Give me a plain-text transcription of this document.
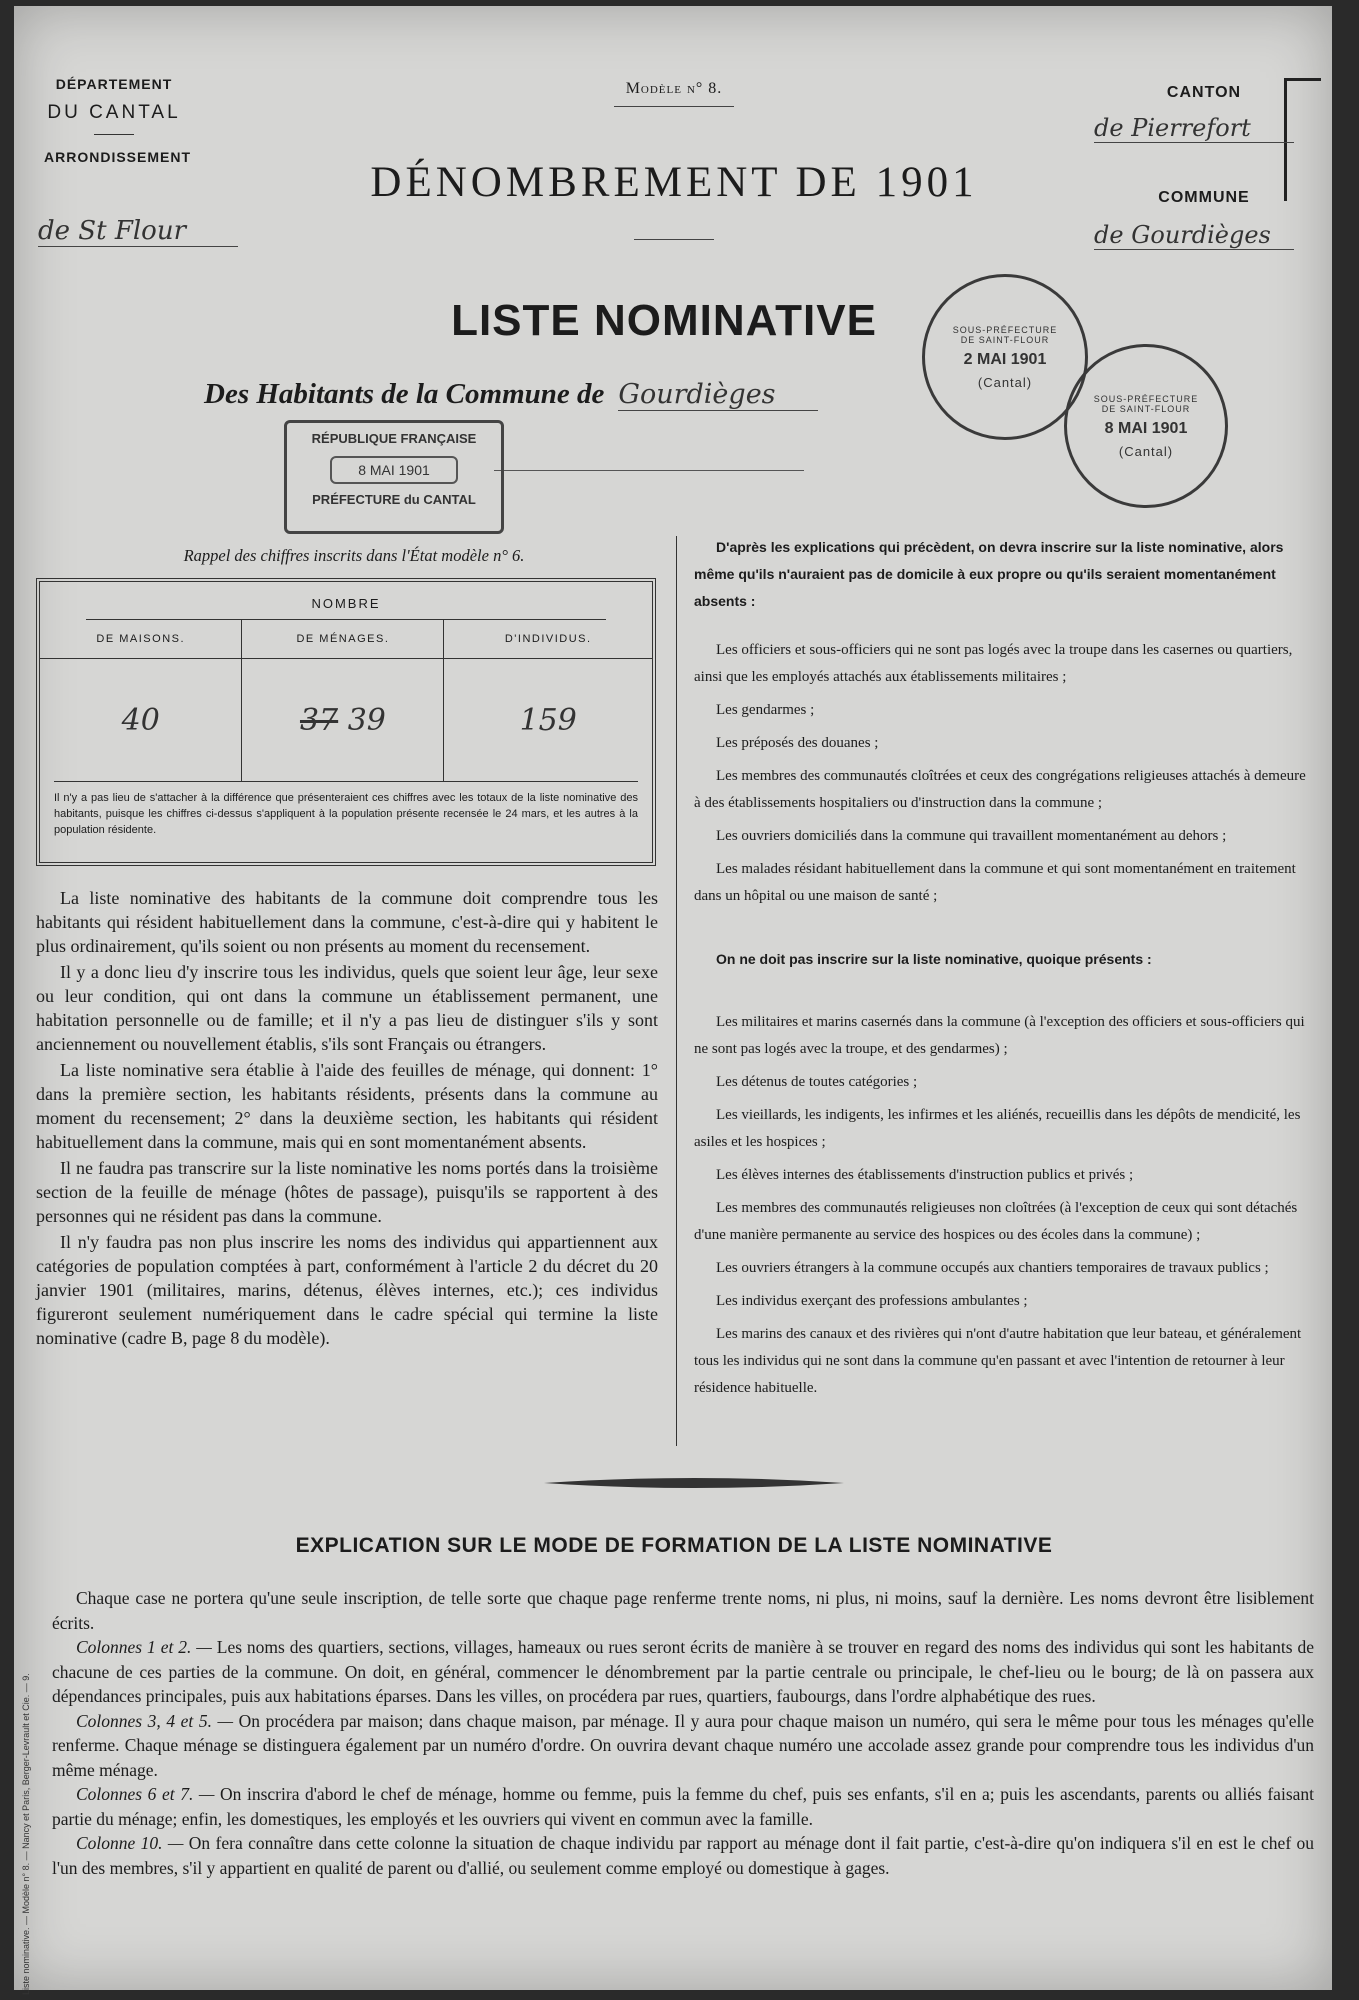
DÉPARTEMENT
DU CANTAL
ARRONDISSEMENT
de St Flour
Modèle n° 8.
DÉNOMBREMENT DE 1901
CANTON
de Pierrefort
COMMUNE
de Gourdièges
LISTE NOMINATIVE
Des Habitants de la Commune de Gourdièges
SOUS-PRÉFECTURE DE SAINT-FLOUR
2 MAI 1901
(Cantal)
SOUS-PRÉFECTURE DE SAINT-FLOUR
8 MAI 1901
(Cantal)
RÉPUBLIQUE FRANÇAISE
8 MAI 1901
PRÉFECTURE du CANTAL
Rappel des chiffres inscrits dans l'État modèle n° 6.
NOMBRE
DE MAISONS.	DE MÉNAGES.	D'INDIVIDUS.
40	37 39	159
Il n'y a pas lieu de s'attacher à la différence que présenteraient ces chiffres avec les totaux de la liste nominative des habitants, puisque les chiffres ci-dessus s'appliquent à la population présente recensée le 24 mars, et les autres à la population résidente.

La liste nominative des habitants de la commune doit comprendre tous les habitants qui résident habituellement dans la commune, c'est-à-dire qui y habitent le plus ordinairement, qu'ils soient ou non présents au moment du recensement.

Il y a donc lieu d'y inscrire tous les individus, quels que soient leur âge, leur sexe ou leur condition, qui ont dans la commune un établissement permanent, une habitation personnelle ou de famille; et il n'y a pas lieu de distinguer s'ils y sont anciennement ou nouvellement établis, s'ils sont Français ou étrangers.

La liste nominative sera établie à l'aide des feuilles de ménage, qui donnent: 1° dans la première section, les habitants résidents, présents dans la commune au moment du recensement; 2° dans la deuxième section, les habitants qui résident habituellement dans la commune, mais qui en sont momentanément absents.

Il ne faudra pas transcrire sur la liste nominative les noms portés dans la troisième section de la feuille de ménage (hôtes de passage), puisqu'ils se rapportent à des personnes qui ne résident pas dans la commune.

Il n'y faudra pas non plus inscrire les noms des individus qui appartiennent aux catégories de population comptées à part, conformément à l'article 2 du décret du 20 janvier 1901 (militaires, marins, détenus, élèves internes, etc.); ces individus figureront seulement numériquement dans le cadre spécial qui termine la liste nominative (cadre B, page 8 du modèle).

D'après les explications qui précèdent, on devra inscrire sur la liste nominative, alors même qu'ils n'auraient pas de domicile à eux propre ou qu'ils seraient momentanément absents :

Les officiers et sous-officiers qui ne sont pas logés avec la troupe dans les casernes ou quartiers, ainsi que les employés attachés aux établissements militaires ;

Les gendarmes ;

Les préposés des douanes ;

Les membres des communautés cloîtrées et ceux des congrégations religieuses attachés à demeure à des établissements hospitaliers ou d'instruction dans la commune ;

Les ouvriers domiciliés dans la commune qui travaillent momentanément au dehors ;

Les malades résidant habituellement dans la commune et qui sont momentanément en traitement dans un hôpital ou une maison de santé ;

On ne doit pas inscrire sur la liste nominative, quoique présents :

Les militaires et marins casernés dans la commune (à l'exception des officiers et sous-officiers qui ne sont pas logés avec la troupe, et des gendarmes) ;

Les détenus de toutes catégories ;

Les vieillards, les indigents, les infirmes et les aliénés, recueillis dans les dépôts de mendicité, les asiles et les hospices ;

Les élèves internes des établissements d'instruction publics et privés ;

Les membres des communautés religieuses non cloîtrées (à l'exception de ceux qui sont détachés d'une manière permanente au service des hospices ou des écoles dans la commune) ;

Les ouvriers étrangers à la commune occupés aux chantiers temporaires de travaux publics ;

Les individus exerçant des professions ambulantes ;

Les marins des canaux et des rivières qui n'ont d'autre habitation que leur bateau, et généralement tous les individus qui ne sont dans la commune qu'en passant et avec l'intention de retourner à leur résidence habituelle.

EXPLICATION SUR LE MODE DE FORMATION DE LA LISTE NOMINATIVE

Chaque case ne portera qu'une seule inscription, de telle sorte que chaque page renferme trente noms, ni plus, ni moins, sauf la dernière. Les noms devront être lisiblement écrits.

Colonnes 1 et 2. — Les noms des quartiers, sections, villages, hameaux ou rues seront écrits de manière à se trouver en regard des noms des individus qui sont les habitants de chacune de ces parties de la commune. On doit, en général, commencer le dénombrement par la partie centrale ou principale, le chef-lieu ou le bourg; de là on passera aux dépendances principales, puis aux habitations éparses. Dans les villes, on procédera par rues, quartiers, faubourgs, dans l'ordre alphabétique des rues.

Colonnes 3, 4 et 5. — On procédera par maison; dans chaque maison, par ménage. Il y aura pour chaque maison un numéro, qui sera le même pour tous les ménages qu'elle renferme. Chaque ménage se distinguera également par un numéro d'ordre. On ouvrira devant chaque numéro une accolade assez grande pour comprendre tous les individus d'un même ménage.

Colonnes 6 et 7. — On inscrira d'abord le chef de ménage, homme ou femme, puis la femme du chef, puis ses enfants, s'il en a; puis les ascendants, parents ou alliés faisant partie du ménage; enfin, les domestiques, les employés et les ouvriers qui vivent en commun avec la famille.

Colonne 10. — On fera connaître dans cette colonne la situation de chaque individu par rapport au ménage dont il fait partie, c'est-à-dire qu'on indiquera s'il en est le chef ou l'un des membres, s'il y appartient en qualité de parent ou d'allié, ou seulement comme employé ou domestique à gages.

Liste nominative. — Modèle n° 8. — Nancy et Paris, Berger-Levrault et Cie. — 9.
